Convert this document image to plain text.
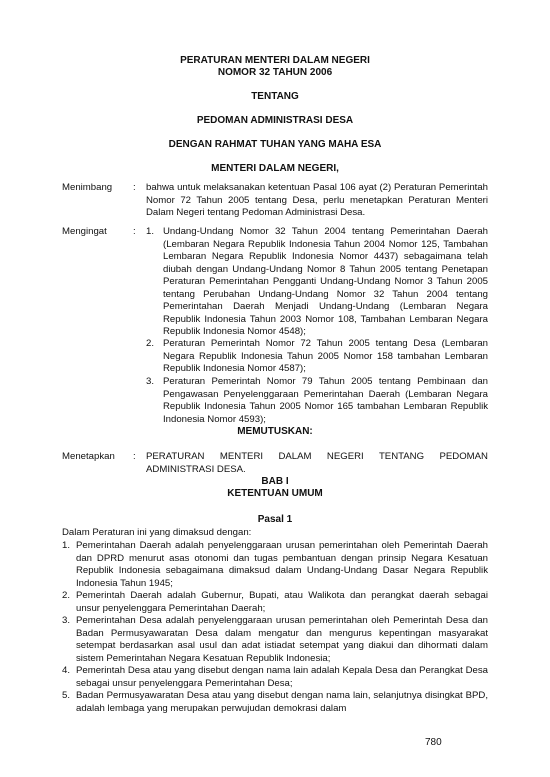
PERATURAN MENTERI DALAM NEGERI
NOMOR 32 TAHUN 2006
TENTANG
PEDOMAN ADMINISTRASI DESA
DENGAN RAHMAT TUHAN YANG MAHA ESA
MENTERI DALAM NEGERI,
Menimbang : bahwa untuk melaksanakan ketentuan Pasal 106 ayat (2) Peraturan Pemerintah Nomor 72 Tahun 2005 tentang Desa, perlu menetapkan Peraturan Menteri Dalam Negeri tentang Pedoman Administrasi Desa.
Mengingat	: 1. Undang-Undang Nomor 32 Tahun 2004 tentang Pemerintahan Daerah (Lembaran Negara Republik Indonesia Tahun 2004 Nomor 125, Tambahan Lembaran Negara Republik Indonesia Nomor 4437) sebagaimana telah diubah dengan Undang-Undang Nomor 8 Tahun 2005 tentang Penetapan Peraturan Pemerintahan Pengganti Undang-Undang Nomor 3 Tahun 2005 tentang Perubahan Undang-Undang Nomor 32 Tahun 2004 tentang Pemerintahan Daerah Menjadi Undang-Undang (Lembaran Negara Republik Indonesia Tahun 2003 Nomor 108, Tambahan Lembaran Negara Republik Indonesia Nomor 4548);
2. Peraturan Pemerintah Nomor 72 Tahun 2005 tentang Desa (Lembaran Negara Republik Indonesia Tahun 2005 Nomor 158 tambahan Lembaran Republik Indonesia Nomor 4587);
3. Peraturan Pemerintah Nomor 79 Tahun 2005 tentang Pembinaan dan Pengawasan Penyelenggaraan Pemerintahan Daerah (Lembaran Negara Republik Indonesia Tahun 2005 Nomor 165 tambahan Lembaran Republik Indonesia Nomor 4593);
MEMUTUSKAN:
Menetapkan : PERATURAN MENTERI DALAM NEGERI TENTANG PEDOMAN ADMINISTRASI DESA.
BAB I
KETENTUAN UMUM
Pasal 1
Dalam Peraturan ini yang dimaksud dengan:
1. Pemerintahan Daerah adalah penyelenggaraan urusan pemerintahan oleh Pemerintah Daerah dan DPRD menurut asas otonomi dan tugas pembantuan dengan prinsip Negara Kesatuan Republik Indonesia sebagaimana dimaksud dalam Undang-Undang Dasar Negara Republik Indonesia Tahun 1945;
2. Pemerintah Daerah adalah Gubernur, Bupati, atau Walikota dan perangkat daerah sebagai unsur penyelenggara Pemerintahan Daerah;
3. Pemerintahan Desa adalah penyelenggaraan urusan pemerintahan oleh Pemerintah Desa dan Badan Permusyawaratan Desa dalam mengatur dan mengurus kepentingan masyarakat setempat berdasarkan asal usul dan adat istiadat setempat yang diakui dan dihormati dalam sistem Pemerintahan Negara Kesatuan Republik Indonesia;
4. Pemerintah Desa atau yang disebut dengan nama lain adalah Kepala Desa dan Perangkat Desa sebagai unsur penyelenggara Pemerintahan Desa;
5. Badan Permusyawaratan Desa atau yang disebut dengan nama lain, selanjutnya disingkat BPD, adalah lembaga yang merupakan perwujudan demokrasi dalam
780
